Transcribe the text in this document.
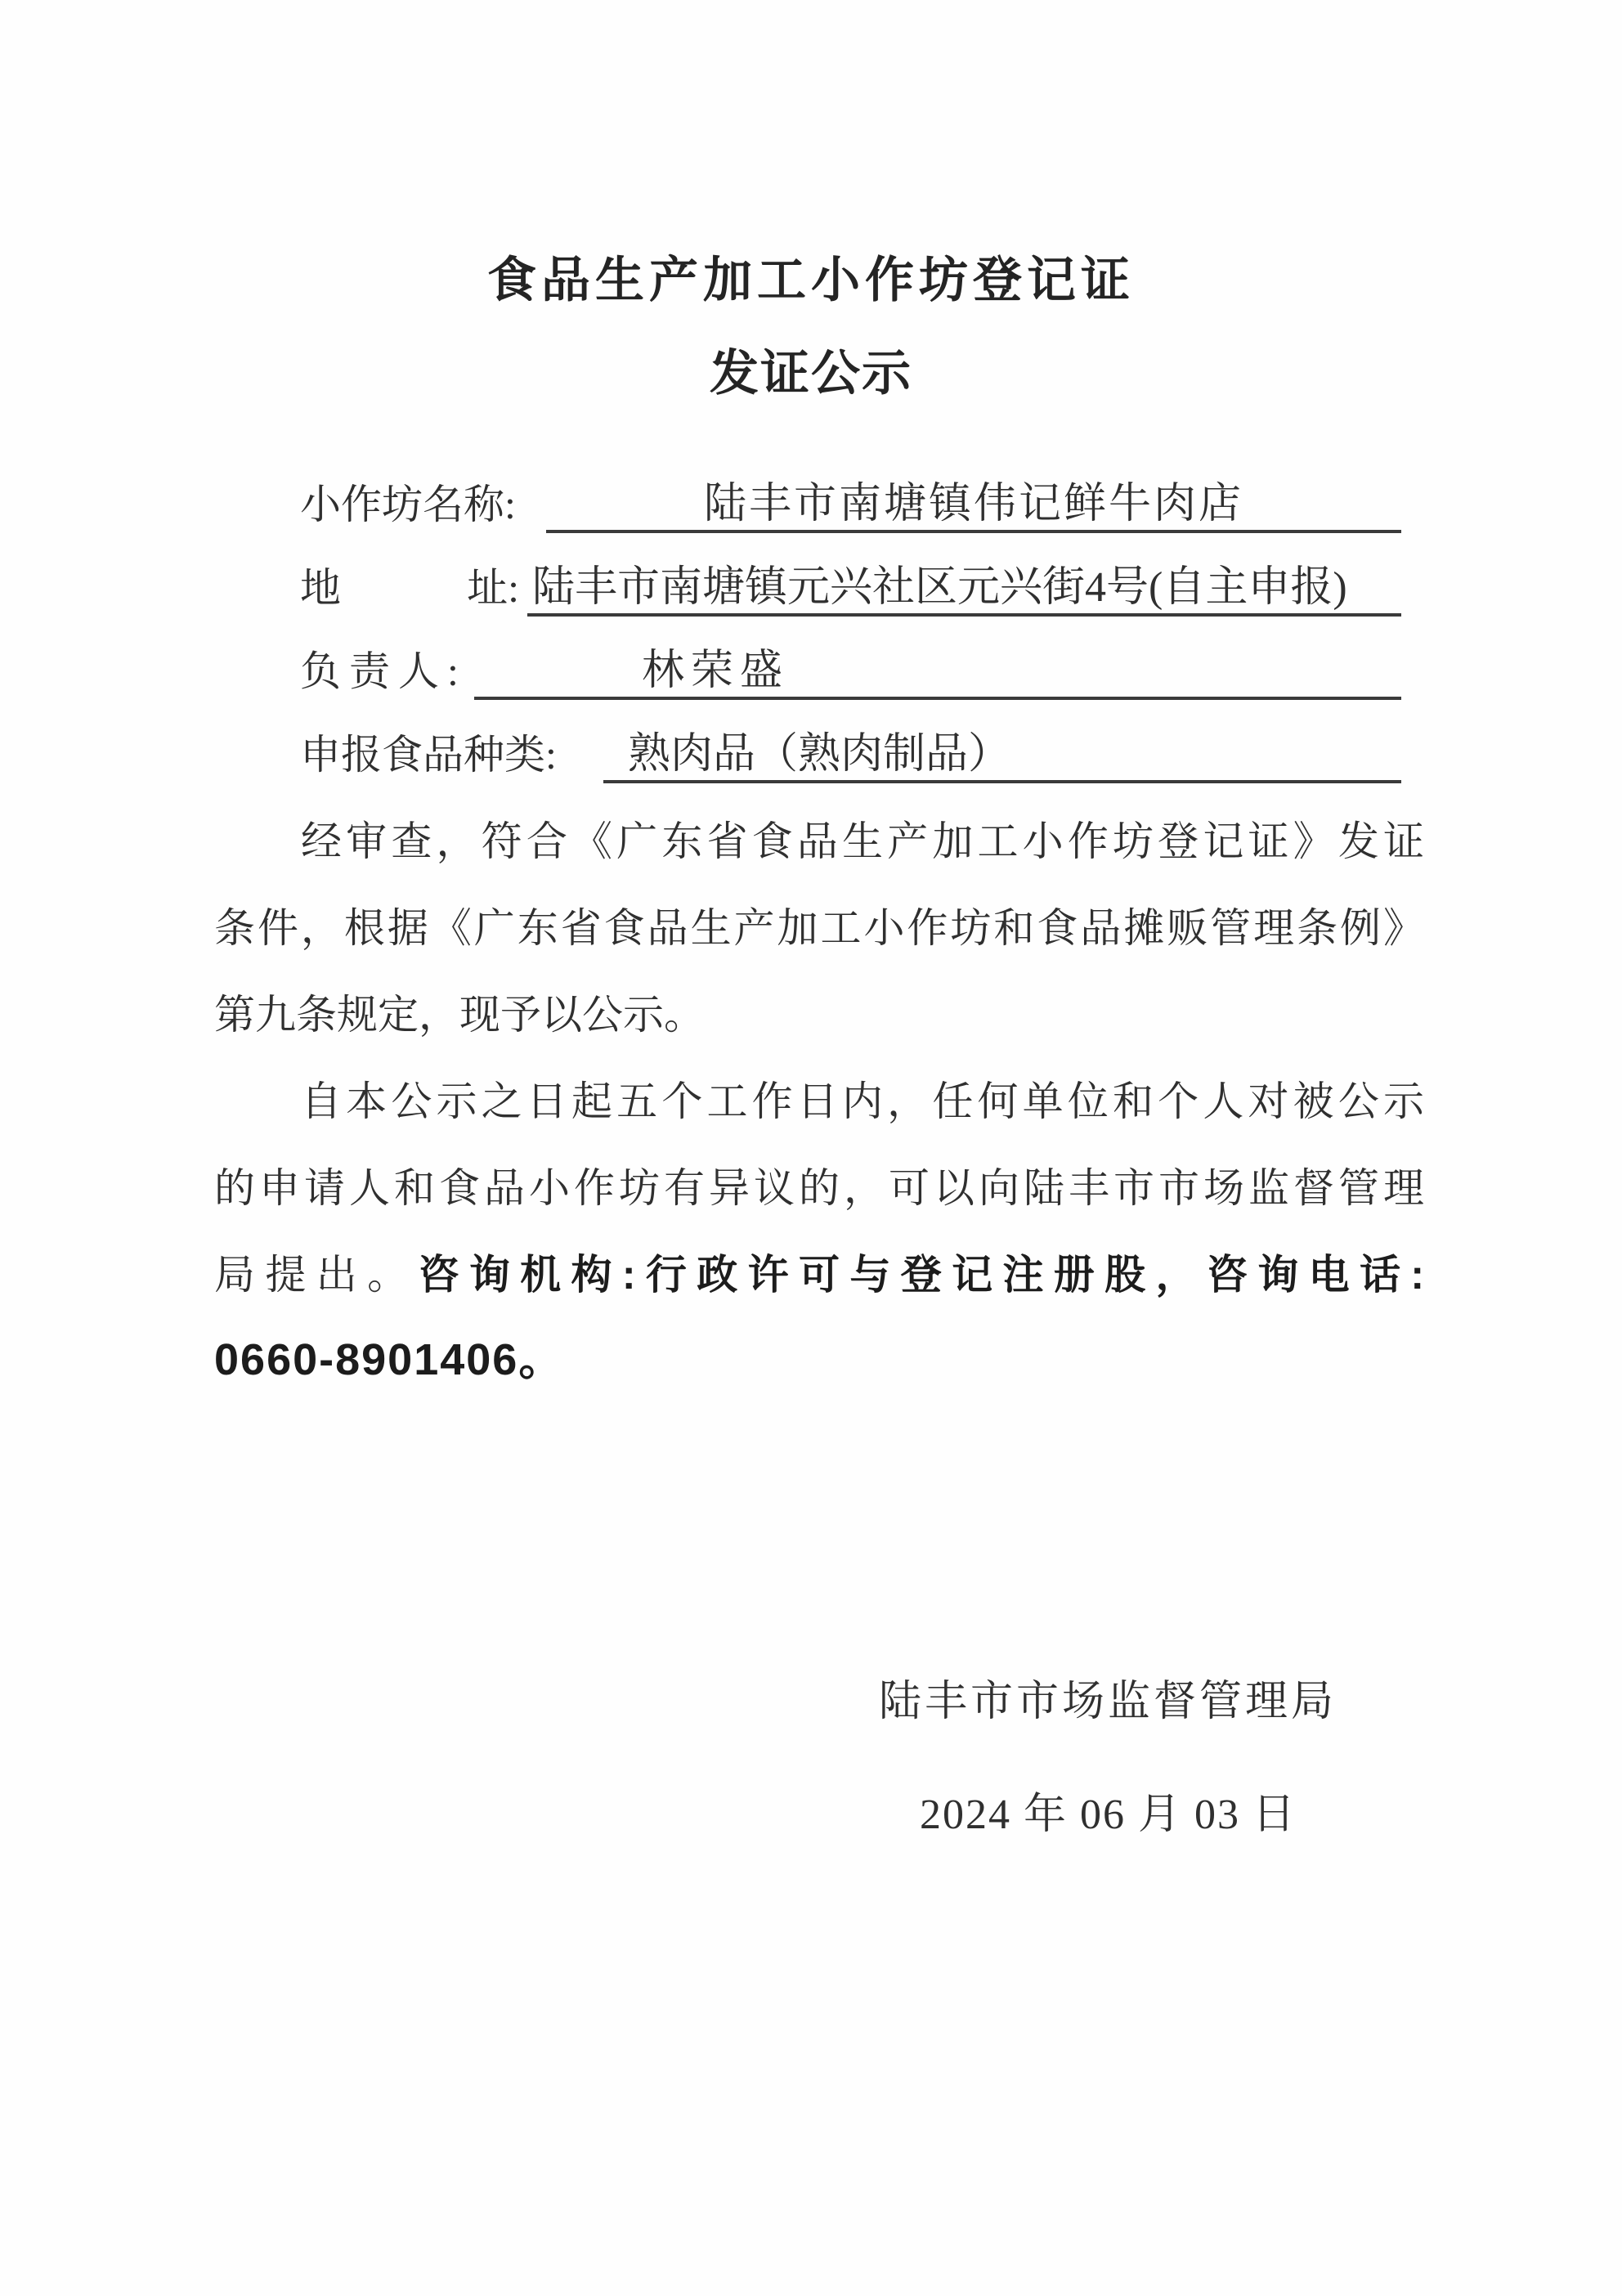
食品生产加工小作坊登记证
发证公示
小作坊名称:	陆丰市南塘镇伟记鲜牛肉店
地	址: 陆丰市南塘镇元兴社区元兴街4号(自主申报)
负责人:	林荣盛
申报食品种类:	熟肉品（熟肉制品）
经审查，符合《广东省食品生产加工小作坊登记证》发证
条件，根据《广东省食品生产加工小作坊和食品摊贩管理条例》
第九条规定，现予以公示。
自本公示之日起五个工作日内，任何单位和个人对被公示
的申请人和食品小作坊有异议的，可以向陆丰市市场监督管理
局提出。咨询机构:行政许可与登记注册股，咨询电话:
0660-8901406。
陆丰市市场监督管理局
2024 年 06 月 03 日
